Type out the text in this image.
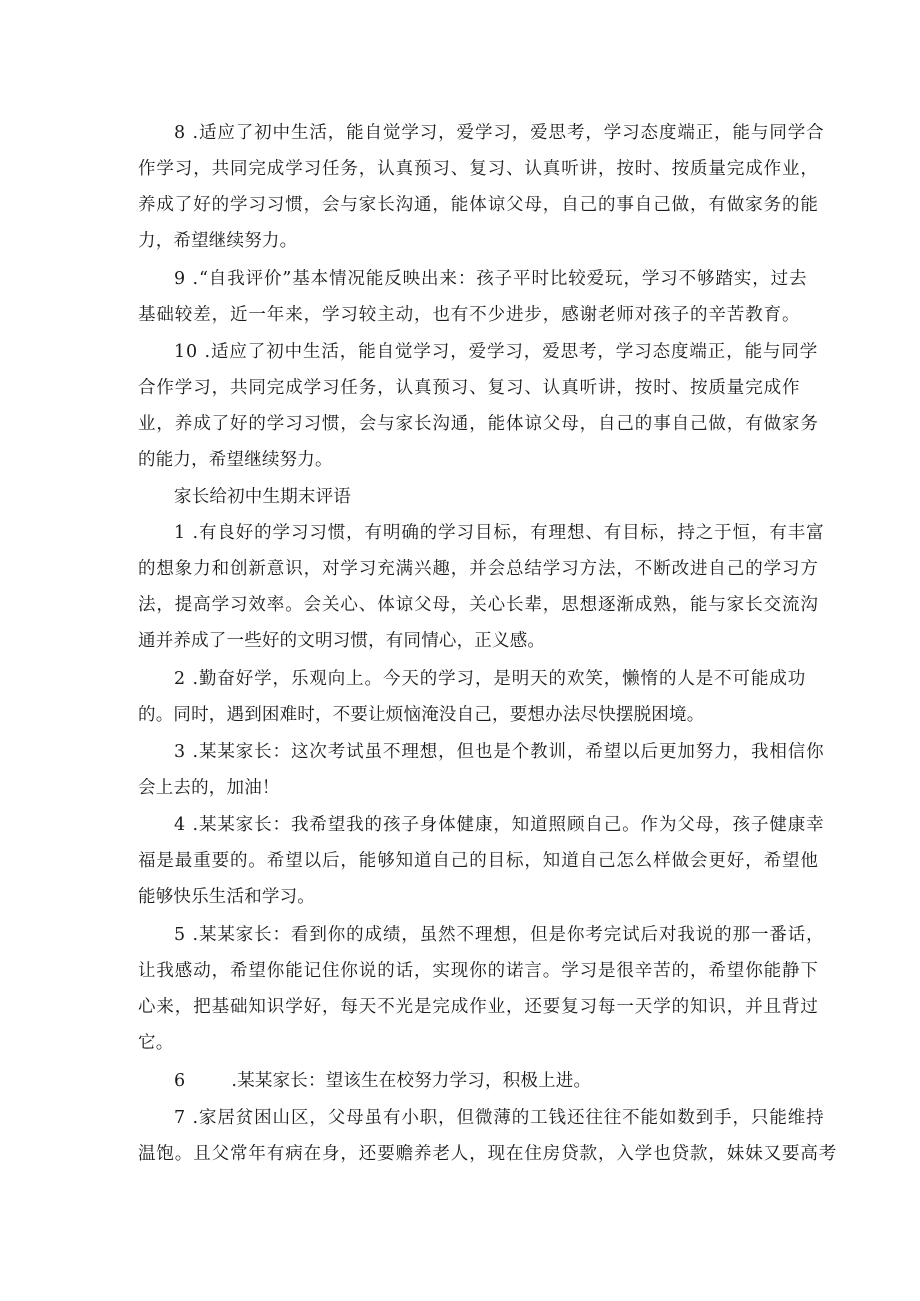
8 .适应了初中生活，能自觉学习，爱学习，爱思考，学习态度端正，能与同学合
作学习，共同完成学习任务，认真预习、复习、认真听讲，按时、按质量完成作业，
养成了好的学习习惯，会与家长沟通，能体谅父母，自己的事自己做，有做家务的能
力，希望继续努力。
9 .“自我评价”基本情况能反映出来：孩子平时比较爱玩，学习不够踏实，过去
基础较差，近一年来，学习较主动，也有不少进步，感谢老师对孩子的辛苦教育。
10 .适应了初中生活，能自觉学习，爱学习，爱思考，学习态度端正，能与同学
合作学习，共同完成学习任务，认真预习、复习、认真听讲，按时、按质量完成作
业，养成了好的学习习惯，会与家长沟通，能体谅父母，自己的事自己做，有做家务
的能力，希望继续努力。
家长给初中生期末评语
1 .有良好的学习习惯，有明确的学习目标，有理想、有目标，持之于恒，有丰富
的想象力和创新意识，对学习充满兴趣，并会总结学习方法，不断改进自己的学习方
法，提高学习效率。会关心、体谅父母，关心长辈，思想逐渐成熟，能与家长交流沟
通并养成了一些好的文明习惯，有同情心，正义感。
2 .勤奋好学，乐观向上。今天的学习，是明天的欢笑，懒惰的人是不可能成功
的。同时，遇到困难时，不要让烦恼淹没自己，要想办法尽快摆脱困境。
3 .某某家长：这次考试虽不理想，但也是个教训，希望以后更加努力，我相信你
会上去的，加油！
4 .某某家长：我希望我的孩子身体健康，知道照顾自己。作为父母，孩子健康幸
福是最重要的。希望以后，能够知道自己的目标，知道自己怎么样做会更好，希望他
能够快乐生活和学习。
5 .某某家长：看到你的成绩，虽然不理想，但是你考完试后对我说的那一番话，
让我感动，希望你能记住你说的话，实现你的诺言。学习是很辛苦的，希望你能静下
心来，把基础知识学好，每天不光是完成作业，还要复习每一天学的知识，并且背过
它。
6        .某某家长：望该生在校努力学习，积极上进。
7 .家居贫困山区，父母虽有小职，但微薄的工钱还往往不能如数到手，只能维持
温饱。且父常年有病在身，还要赡养老人，现在住房贷款，入学也贷款，妹妹又要高考
